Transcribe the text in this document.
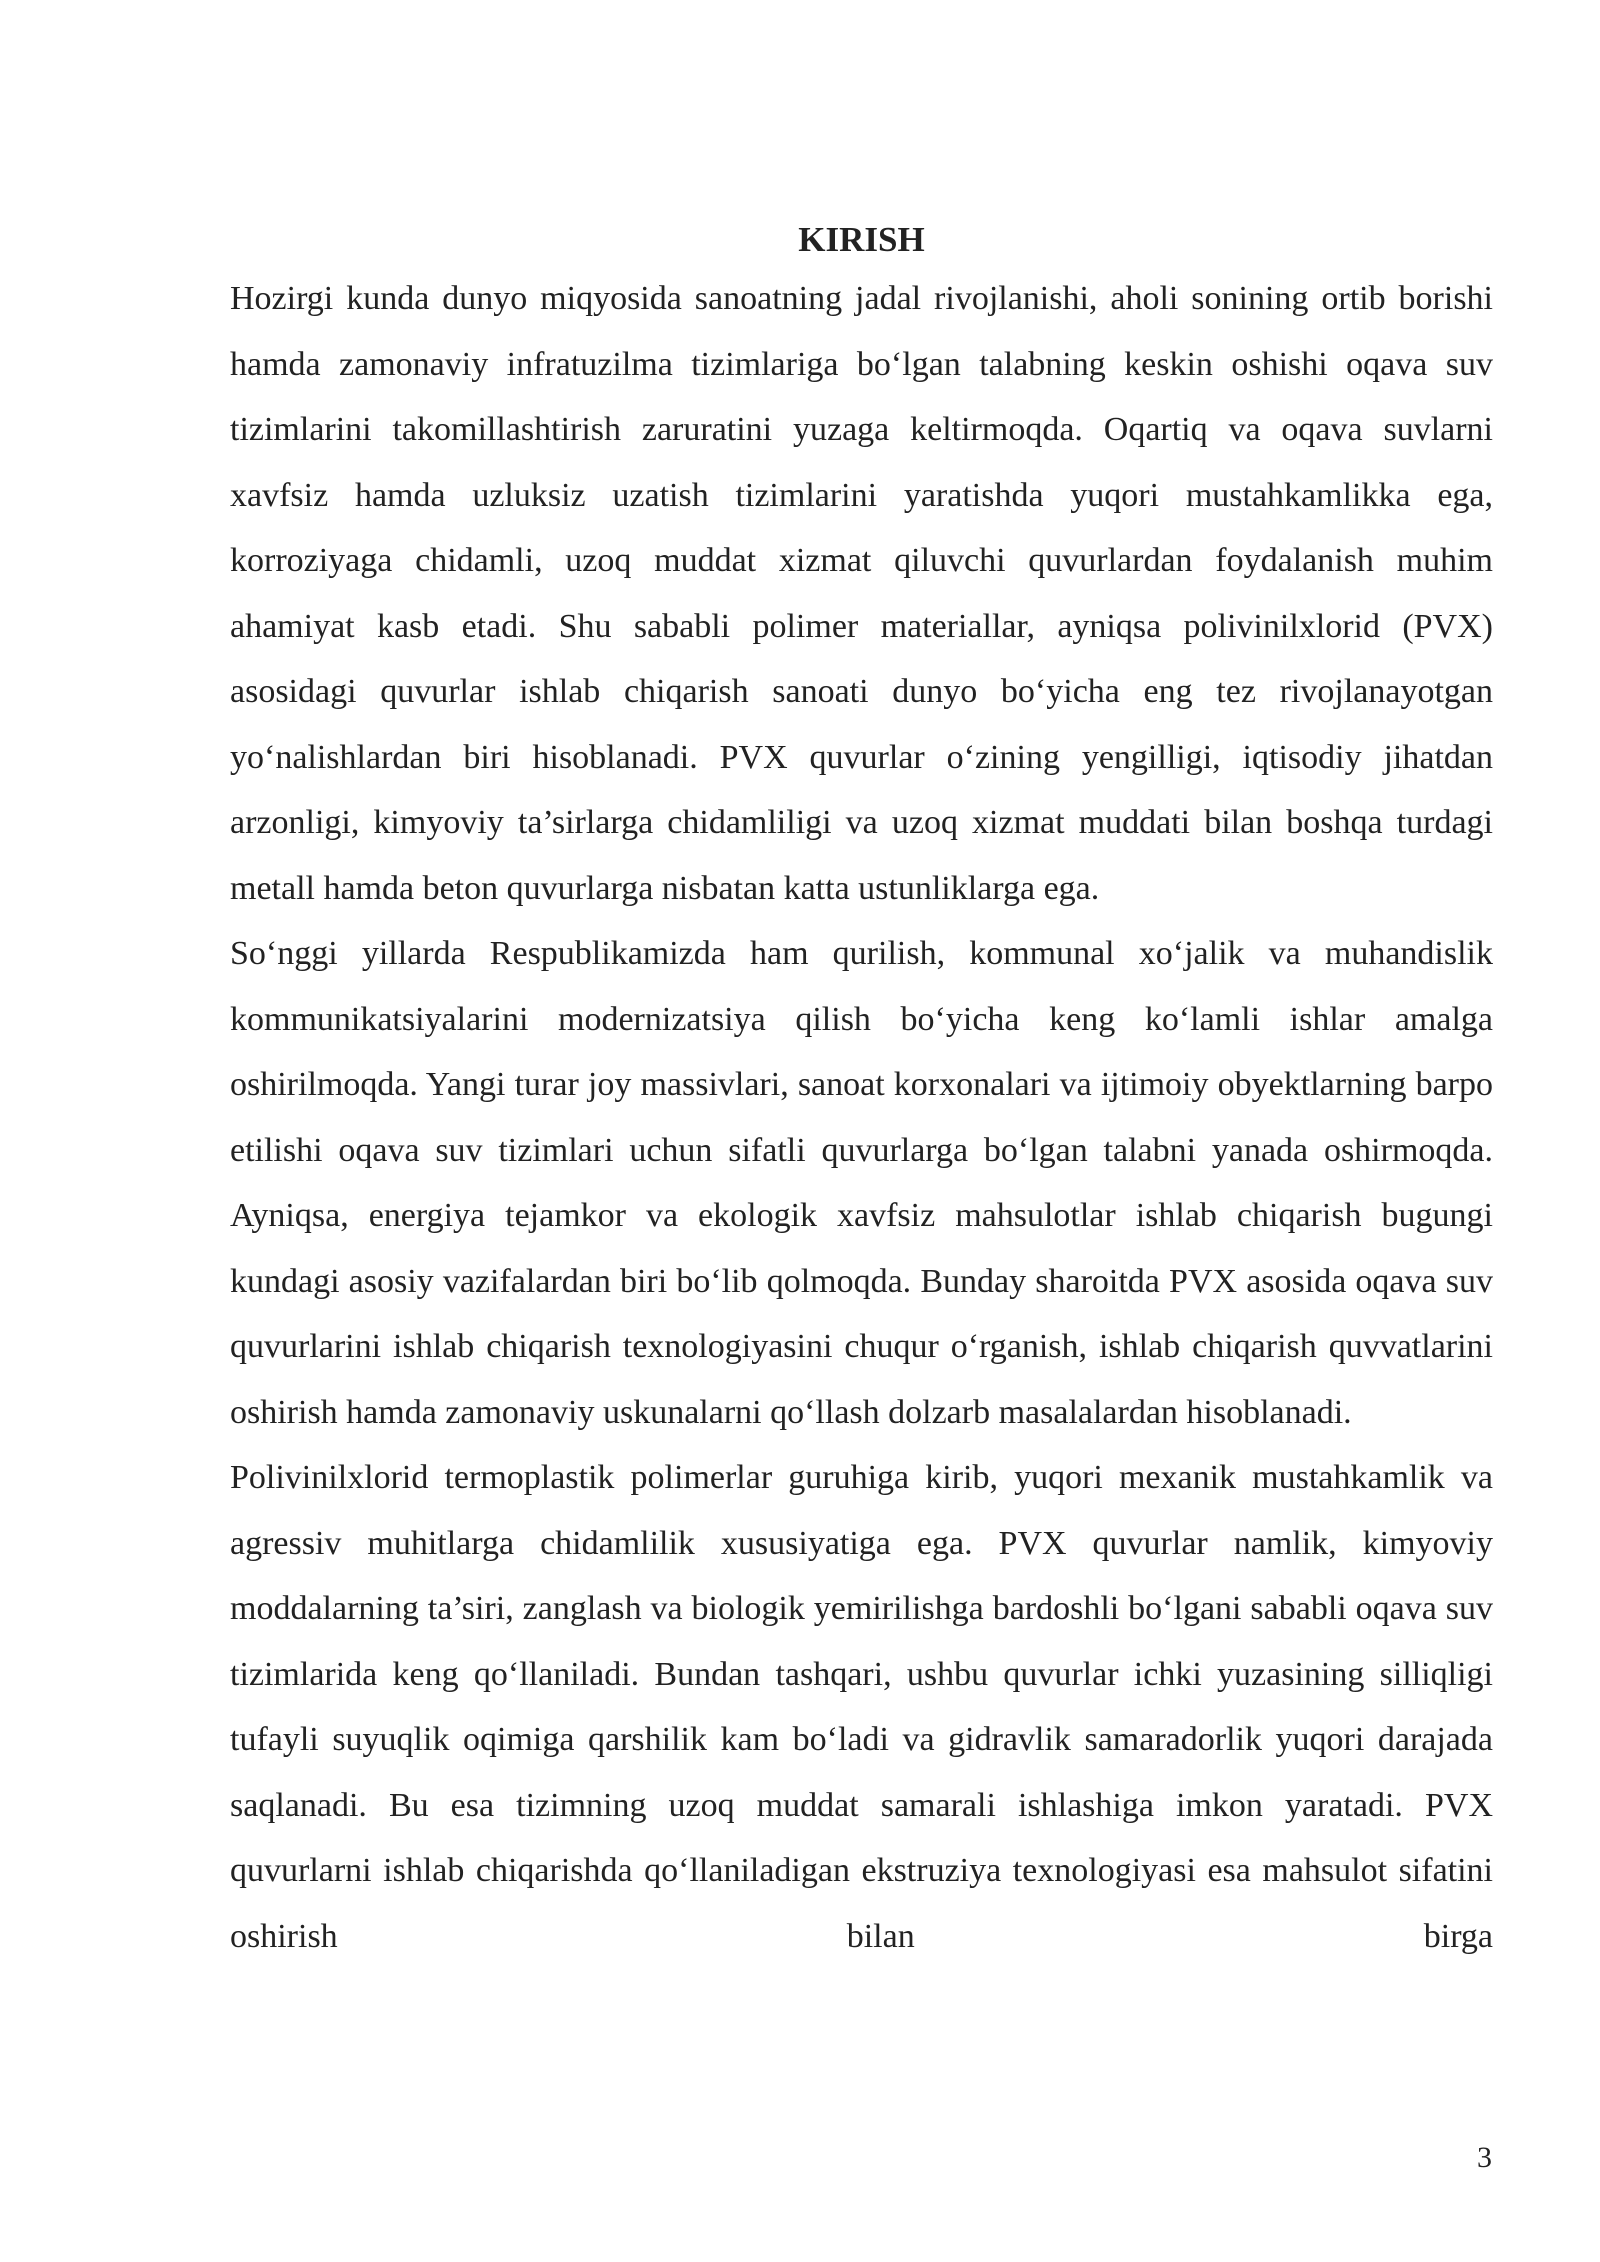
KIRISH

Hozirgi kunda dunyo miqyosida sanoatning jadal rivojlanishi, aholi sonining ortib borishi hamda zamonaviy infratuzilma tizimlariga bo‘lgan talabning keskin oshishi oqava suv tizimlarini takomillashtirish zaruratini yuzaga keltirmoqda. Oqartiq va oqava suvlarni xavfsiz hamda uzluksiz uzatish tizimlarini yaratishda yuqori mustahkamlikka ega, korroziyaga chidamli, uzoq muddat xizmat qiluvchi quvurlardan foydalanish muhim ahamiyat kasb etadi. Shu sababli polimer materiallar, ayniqsa polivinilxlorid (PVX) asosidagi quvurlar ishlab chiqarish sanoati dunyo bo‘yicha eng tez rivojlanayotgan yo‘nalishlardan biri hisoblanadi. PVX quvurlar o‘zining yengilligi, iqtisodiy jihatdan arzonligi, kimyoviy ta’sirlarga chidamliligi va uzoq xizmat muddati bilan boshqa turdagi metall hamda beton quvurlarga nisbatan katta ustunliklarga ega.

So‘nggi yillarda Respublikamizda ham qurilish, kommunal xo‘jalik va muhandislik kommunikatsiyalarini modernizatsiya qilish bo‘yicha keng ko‘lamli ishlar amalga oshirilmoqda. Yangi turar joy massivlari, sanoat korxonalari va ijtimoiy obyektlarning barpo etilishi oqava suv tizimlari uchun sifatli quvurlarga bo‘lgan talabni yanada oshirmoqda. Ayniqsa, energiya tejamkor va ekologik xavfsiz mahsulotlar ishlab chiqarish bugungi kundagi asosiy vazifalardan biri bo‘lib qolmoqda. Bunday sharoitda PVX asosida oqava suv quvurlarini ishlab chiqarish texnologiyasini chuqur o‘rganish, ishlab chiqarish quvvatlarini oshirish hamda zamonaviy uskunalarni qo‘llash dolzarb masalalardan hisoblanadi.

Polivinilxlorid termoplastik polimerlar guruhiga kirib, yuqori mexanik mustahkamlik va agressiv muhitlarga chidamlilik xususiyatiga ega. PVX quvurlar namlik, kimyoviy moddalarning ta’siri, zanglash va biologik yemirilishga bardoshli bo‘lgani sababli oqava suv tizimlarida keng qo‘llaniladi. Bundan tashqari, ushbu quvurlar ichki yuzasining silliqligi tufayli suyuqlik oqimiga qarshilik kam bo‘ladi va gidravlik samaradorlik yuqori darajada saqlanadi. Bu esa tizimning uzoq muddat samarali ishlashiga imkon yaratadi. PVX quvurlarni ishlab chiqarishda qo‘llaniladigan ekstruziya texnologiyasi esa mahsulot sifatini oshirish bilan birga

3
